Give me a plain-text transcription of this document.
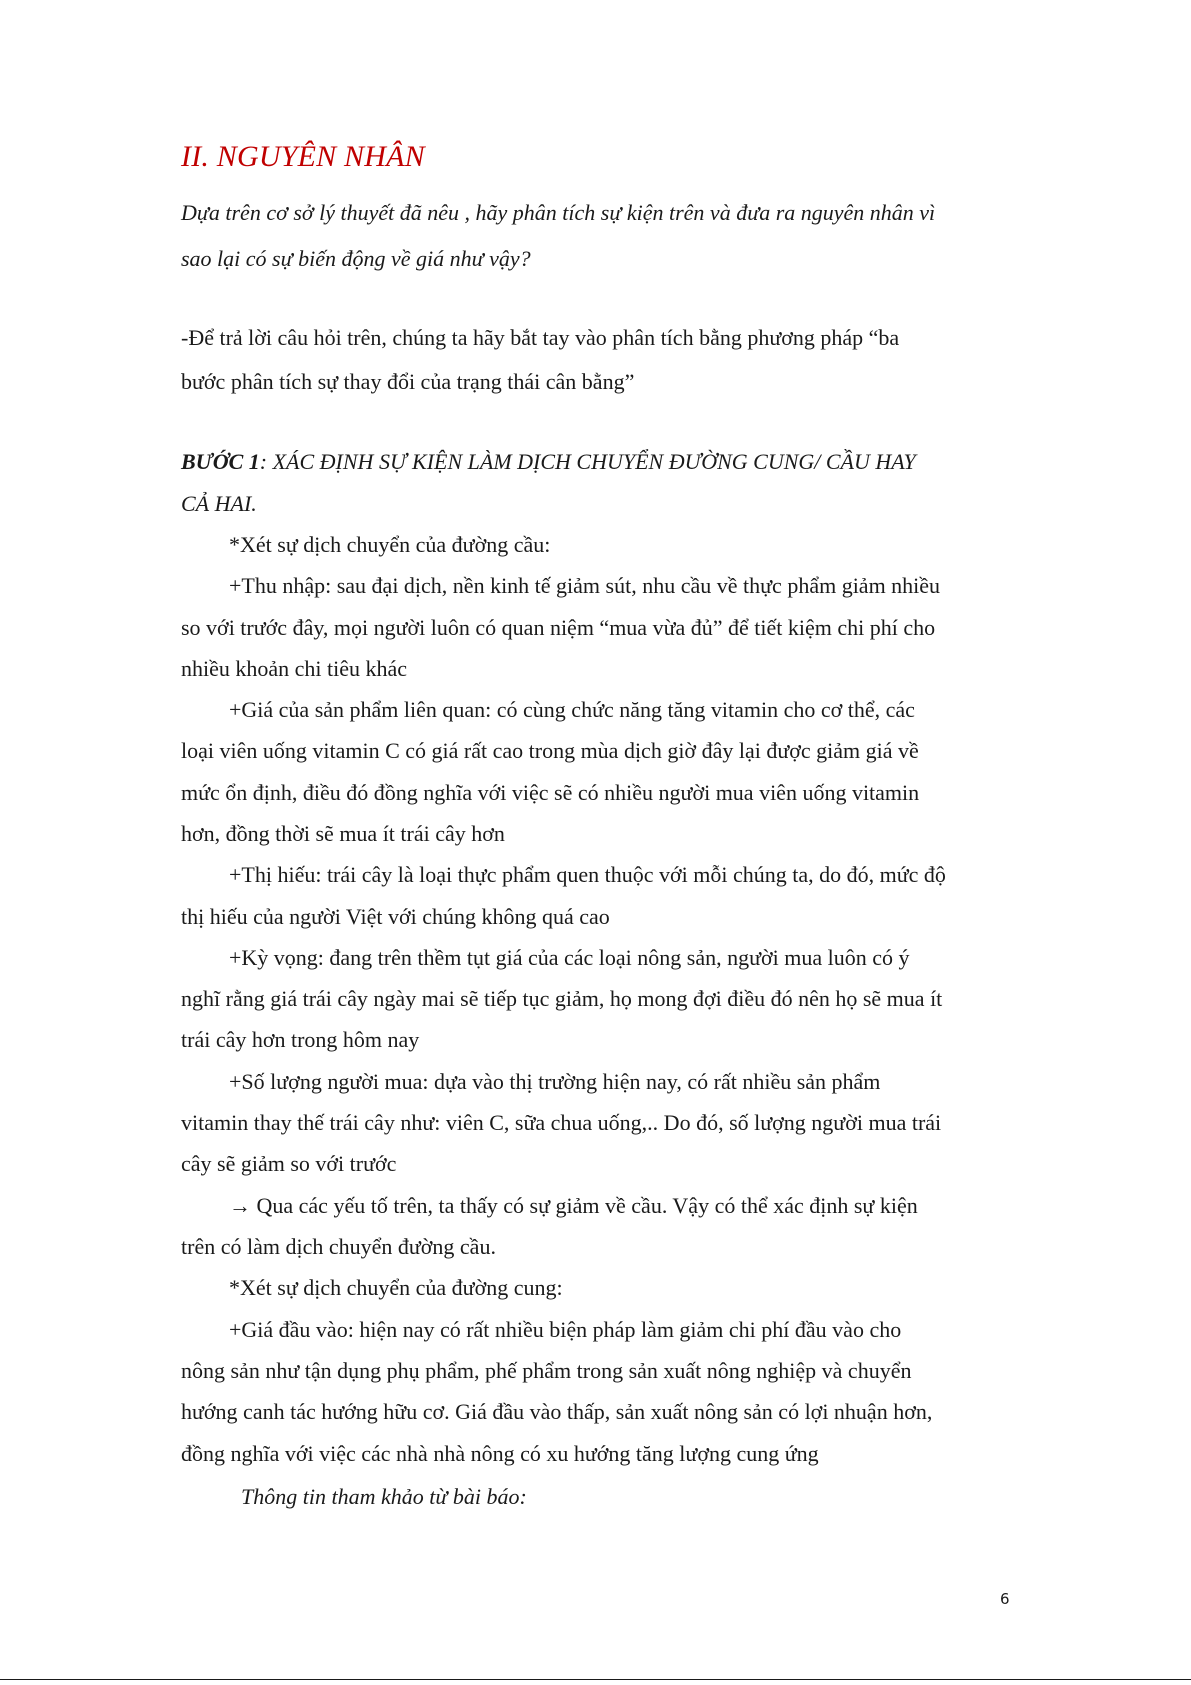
II. NGUYÊN NHÂN

Dựa trên cơ sở lý thuyết đã nêu , hãy phân tích sự kiện trên và đưa ra nguyên nhân vì

sao lại có sự biến động về giá như vậy?

-Để trả lời câu hỏi trên, chúng ta hãy bắt tay vào phân tích bằng phương pháp “ba

bước phân tích sự thay đổi của trạng thái cân bằng”

BƯỚC 1: XÁC ĐỊNH SỰ KIỆN LÀM DỊCH CHUYỂN ĐƯỜNG CUNG/ CẦU HAY

CẢ HAI.

*Xét sự dịch chuyển của đường cầu:

+Thu nhập: sau đại dịch, nền kinh tế giảm sút, nhu cầu về thực phẩm giảm nhiều

so với trước đây, mọi người luôn có quan niệm “mua vừa đủ” để tiết kiệm chi phí cho

nhiều khoản chi tiêu khác

+Giá của sản phẩm liên quan: có cùng chức năng tăng vitamin cho cơ thể, các

loại viên uống vitamin C có giá rất cao trong mùa dịch giờ đây lại được giảm giá về

mức ổn định, điều đó đồng nghĩa với việc sẽ có nhiều người mua viên uống vitamin

hơn, đồng thời sẽ mua ít trái cây hơn

+Thị hiếu: trái cây là loại thực phẩm quen thuộc với mỗi chúng ta, do đó, mức độ

thị hiếu của người Việt với chúng không quá cao

+Kỳ vọng: đang trên thềm tụt giá của các loại nông sản, người mua luôn có ý

nghĩ rằng giá trái cây ngày mai sẽ tiếp tục giảm, họ mong đợi điều đó nên họ sẽ mua ít

trái cây hơn trong hôm nay

+Số lượng người mua: dựa vào thị trường hiện nay, có rất nhiều sản phẩm

vitamin thay thế trái cây như: viên C, sữa chua uống,.. Do đó, số lượng người mua trái

cây sẽ giảm so với trước

→ Qua các yếu tố trên, ta thấy có sự giảm về cầu. Vậy có thể xác định sự kiện

trên có làm dịch chuyển đường cầu.

*Xét sự dịch chuyển của đường cung:

+Giá đầu vào: hiện nay có rất nhiều biện pháp làm giảm chi phí đầu vào cho

nông sản như tận dụng phụ phẩm, phế phẩm trong sản xuất nông nghiệp và chuyển

hướng canh tác hướng hữu cơ. Giá đầu vào thấp, sản xuất nông sản có lợi nhuận hơn,

đồng nghĩa với việc các nhà nhà nông có xu hướng tăng lượng cung ứng

Thông tin tham khảo từ bài báo:

6
